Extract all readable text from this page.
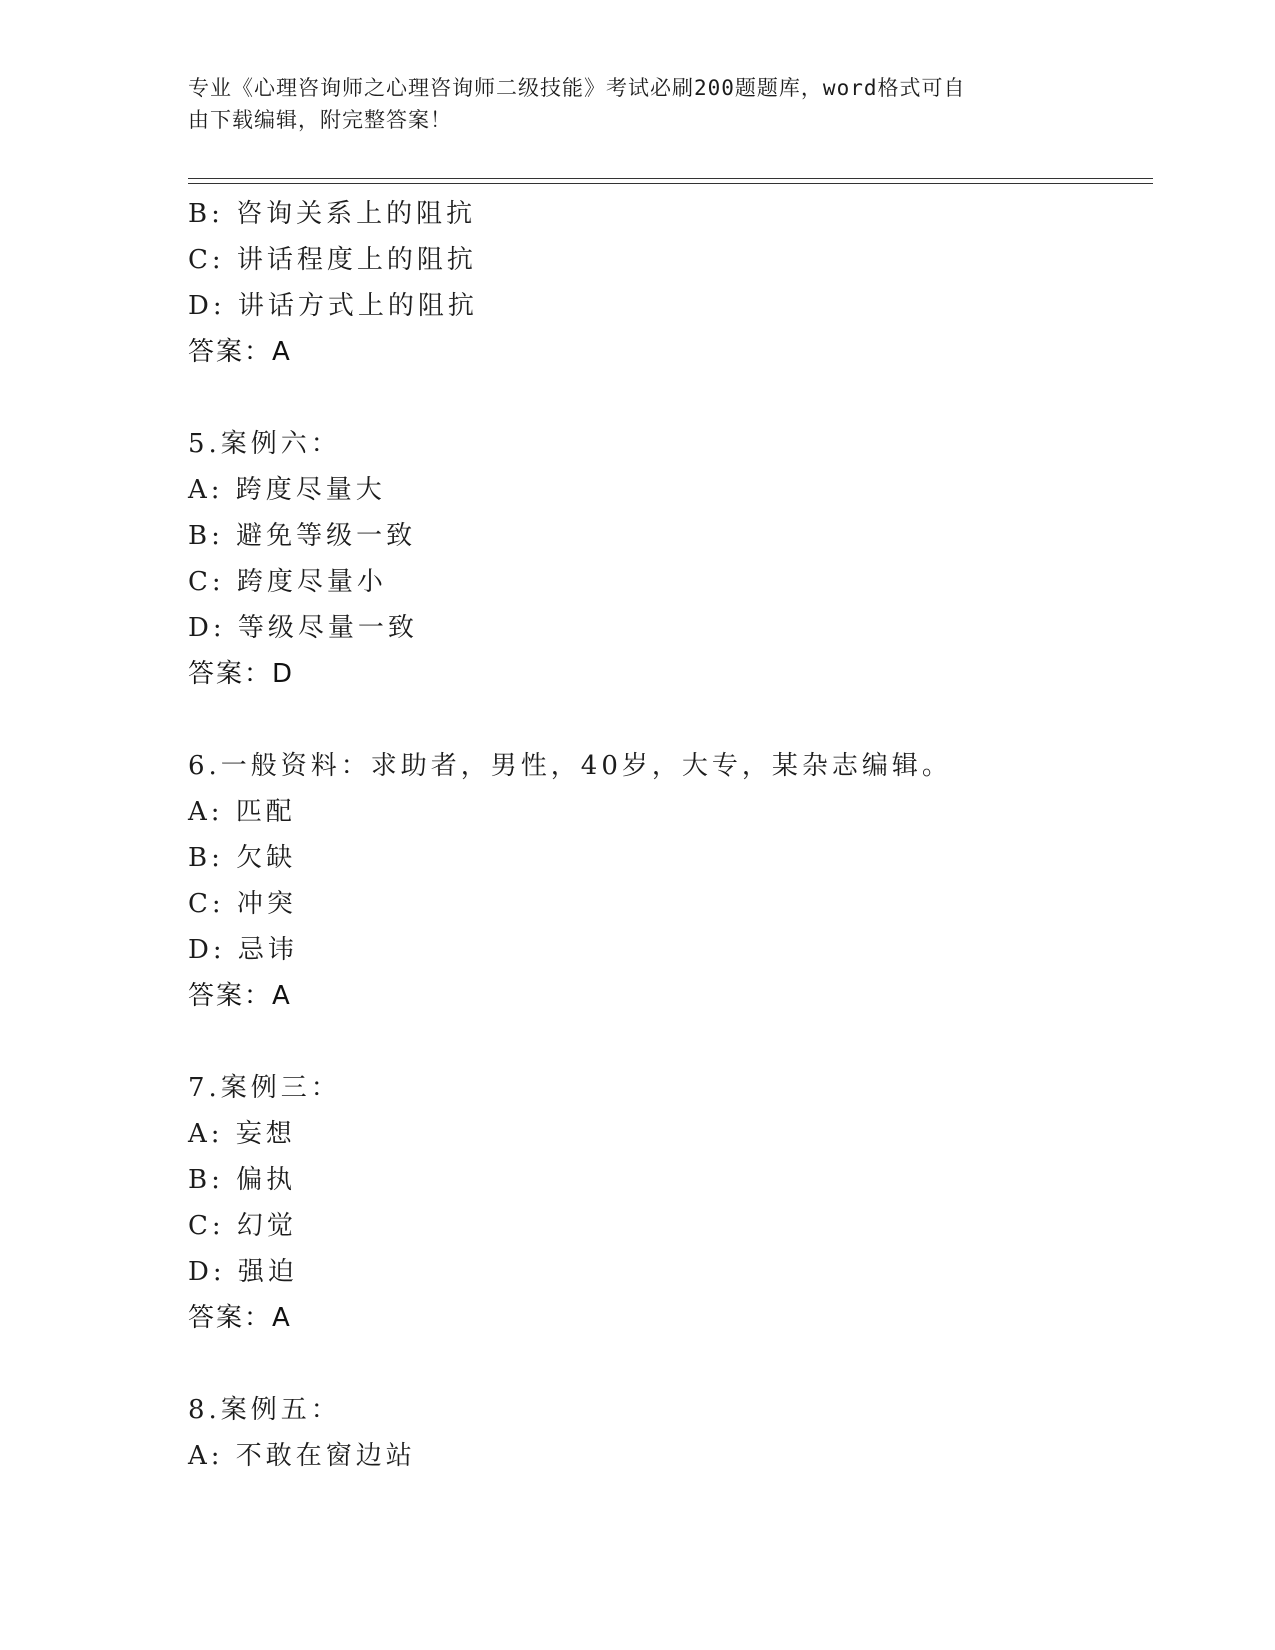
专业《心理咨询师之心理咨询师二级技能》考试必刷200题题库，word格式可自
由下载编辑，附完整答案！
B: 咨询关系上的阻抗
C: 讲话程度上的阻抗
D: 讲话方式上的阻抗
答案：A
5.案例六：
A: 跨度尽量大
B: 避免等级一致
C: 跨度尽量小
D: 等级尽量一致
答案：D
6.一般资料：求助者，男性，40岁，大专，某杂志编辑。
A: 匹配
B: 欠缺
C: 冲突
D: 忌讳
答案：A
7.案例三：
A: 妄想
B: 偏执
C: 幻觉
D: 强迫
答案：A
8.案例五：
A: 不敢在窗边站
